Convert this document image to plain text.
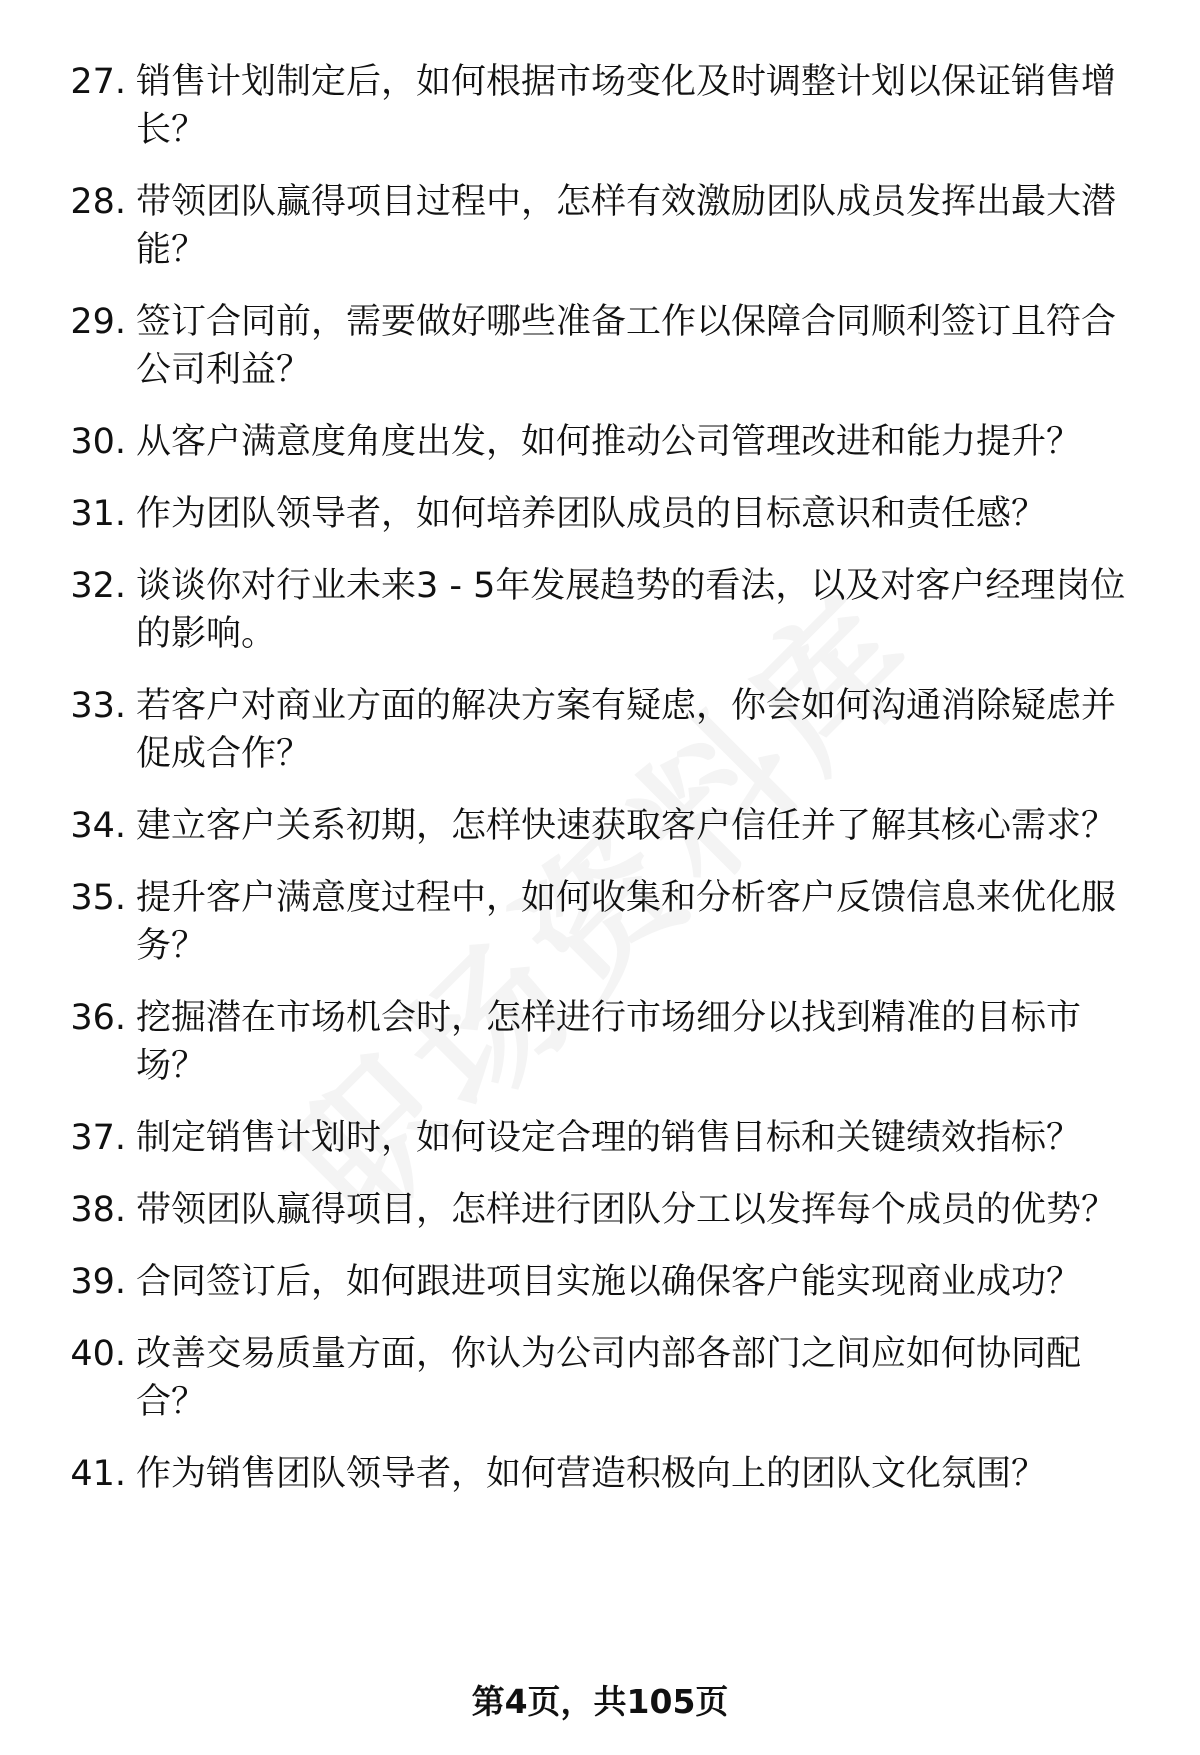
27. 销售计划制定后，如何根据市场变化及时调整计划以保证销售增长？
28. 带领团队赢得项目过程中，怎样有效激励团队成员发挥出最大潜能？
29. 签订合同前，需要做好哪些准备工作以保障合同顺利签订且符合公司利益？
30. 从客户满意度角度出发，如何推动公司管理改进和能力提升？
31. 作为团队领导者，如何培养团队成员的目标意识和责任感？
32. 谈谈你对行业未来3 - 5年发展趋势的看法，以及对客户经理岗位的影响。
33. 若客户对商业方面的解决方案有疑虑，你会如何沟通消除疑虑并促成合作？
34. 建立客户关系初期，怎样快速获取客户信任并了解其核心需求？
35. 提升客户满意度过程中，如何收集和分析客户反馈信息来优化服务？
36. 挖掘潜在市场机会时，怎样进行市场细分以找到精准的目标市场？
37. 制定销售计划时，如何设定合理的销售目标和关键绩效指标？
38. 带领团队赢得项目，怎样进行团队分工以发挥每个成员的优势？
39. 合同签订后，如何跟进项目实施以确保客户能实现商业成功？
40. 改善交易质量方面，你认为公司内部各部门之间应如何协同配合？
41. 作为销售团队领导者，如何营造积极向上的团队文化氛围？
第4页，共105页
